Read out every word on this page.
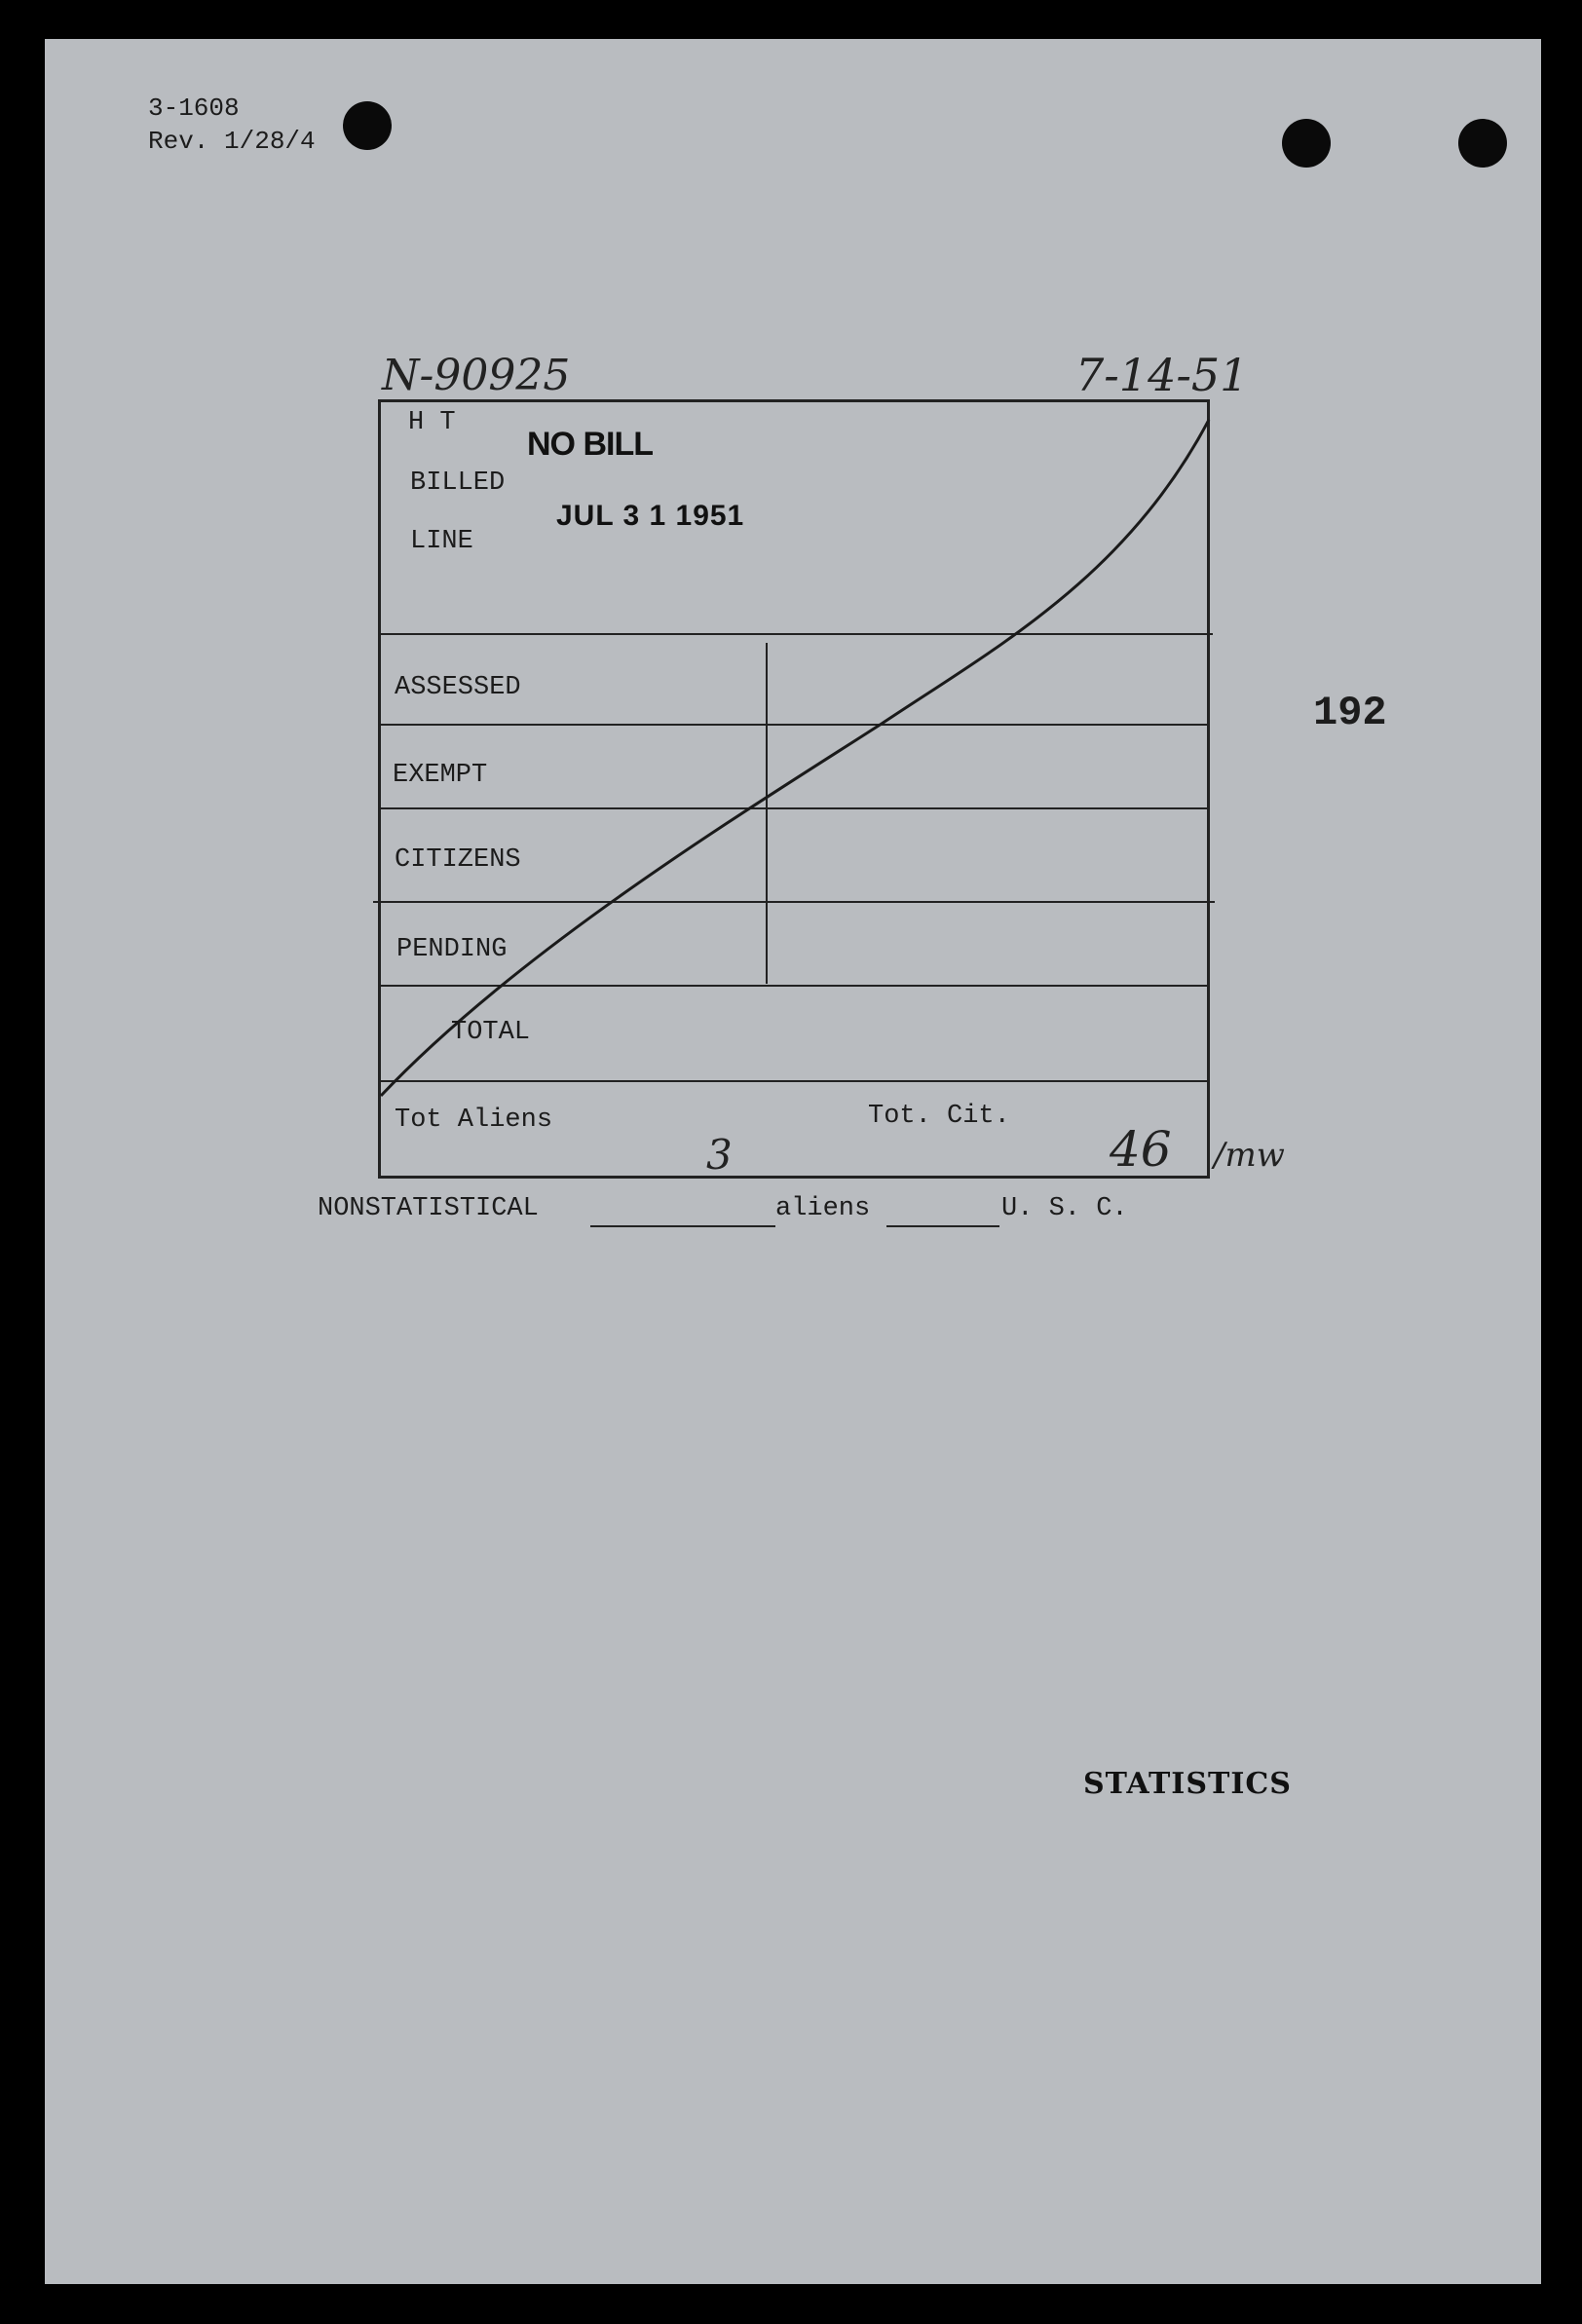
3-1608
Rev. 1/28/4
N-90925	7-14-51
192
H T
BILLED
LINE
NO BILL
JUL 3 1 1951
ASSESSED
EXEMPT
CITIZENS
PENDING
TOTAL
Tot Aliens	Tot. Cit.
3	46 /mw
NONSTATISTICAL	aliens	U. S. C.
STATISTICS
